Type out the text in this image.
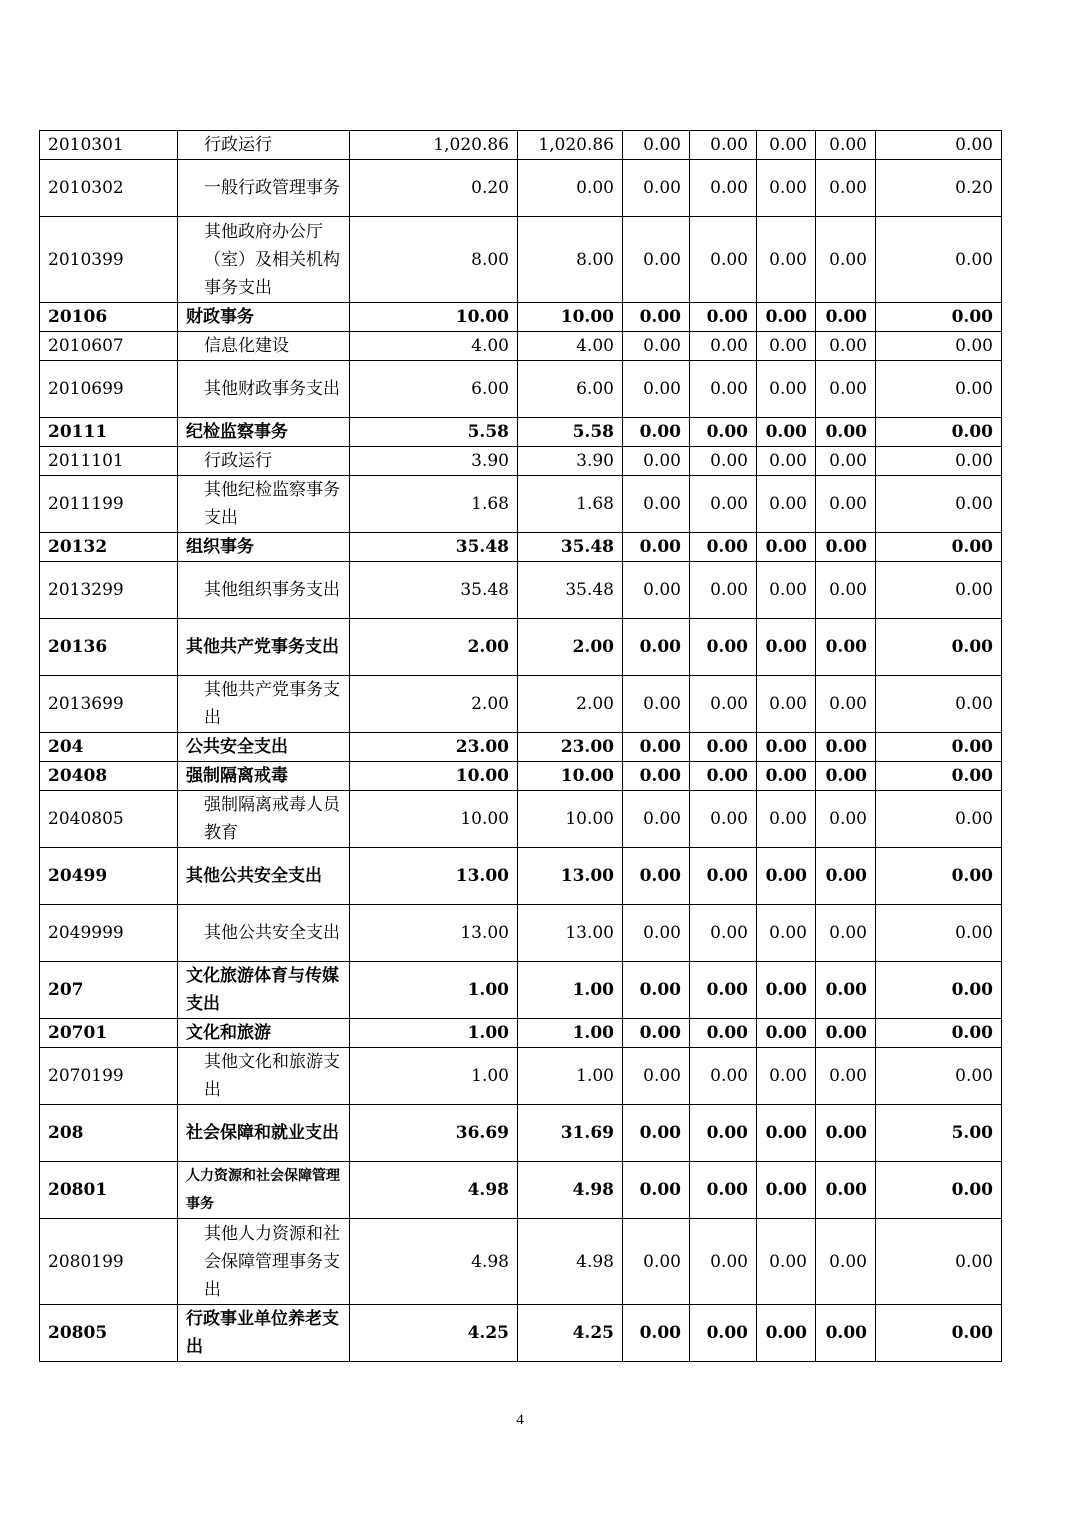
2010301	行政运行	1,020.86	1,020.86	0.00	0.00	0.00	0.00	0.00
2010302	一般行政管理事务	0.20	0.00	0.00	0.00	0.00	0.00	0.20
2010399	其他政府办公厅（室）及相关机构事务支出	8.00	8.00	0.00	0.00	0.00	0.00	0.00
20106	财政事务	10.00	10.00	0.00	0.00	0.00	0.00	0.00
2010607	信息化建设	4.00	4.00	0.00	0.00	0.00	0.00	0.00
2010699	其他财政事务支出	6.00	6.00	0.00	0.00	0.00	0.00	0.00
20111	纪检监察事务	5.58	5.58	0.00	0.00	0.00	0.00	0.00
2011101	行政运行	3.90	3.90	0.00	0.00	0.00	0.00	0.00
2011199	其他纪检监察事务支出	1.68	1.68	0.00	0.00	0.00	0.00	0.00
20132	组织事务	35.48	35.48	0.00	0.00	0.00	0.00	0.00
2013299	其他组织事务支出	35.48	35.48	0.00	0.00	0.00	0.00	0.00
20136	其他共产党事务支出	2.00	2.00	0.00	0.00	0.00	0.00	0.00
2013699	其他共产党事务支出	2.00	2.00	0.00	0.00	0.00	0.00	0.00
204	公共安全支出	23.00	23.00	0.00	0.00	0.00	0.00	0.00
20408	强制隔离戒毒	10.00	10.00	0.00	0.00	0.00	0.00	0.00
2040805	强制隔离戒毒人员教育	10.00	10.00	0.00	0.00	0.00	0.00	0.00
20499	其他公共安全支出	13.00	13.00	0.00	0.00	0.00	0.00	0.00
2049999	其他公共安全支出	13.00	13.00	0.00	0.00	0.00	0.00	0.00
207	文化旅游体育与传媒支出	1.00	1.00	0.00	0.00	0.00	0.00	0.00
20701	文化和旅游	1.00	1.00	0.00	0.00	0.00	0.00	0.00
2070199	其他文化和旅游支出	1.00	1.00	0.00	0.00	0.00	0.00	0.00
208	社会保障和就业支出	36.69	31.69	0.00	0.00	0.00	0.00	5.00
20801	人力资源和社会保障管理事务	4.98	4.98	0.00	0.00	0.00	0.00	0.00
2080199	其他人力资源和社会保障管理事务支出	4.98	4.98	0.00	0.00	0.00	0.00	0.00
20805	行政事业单位养老支出	4.25	4.25	0.00	0.00	0.00	0.00	0.00
4
